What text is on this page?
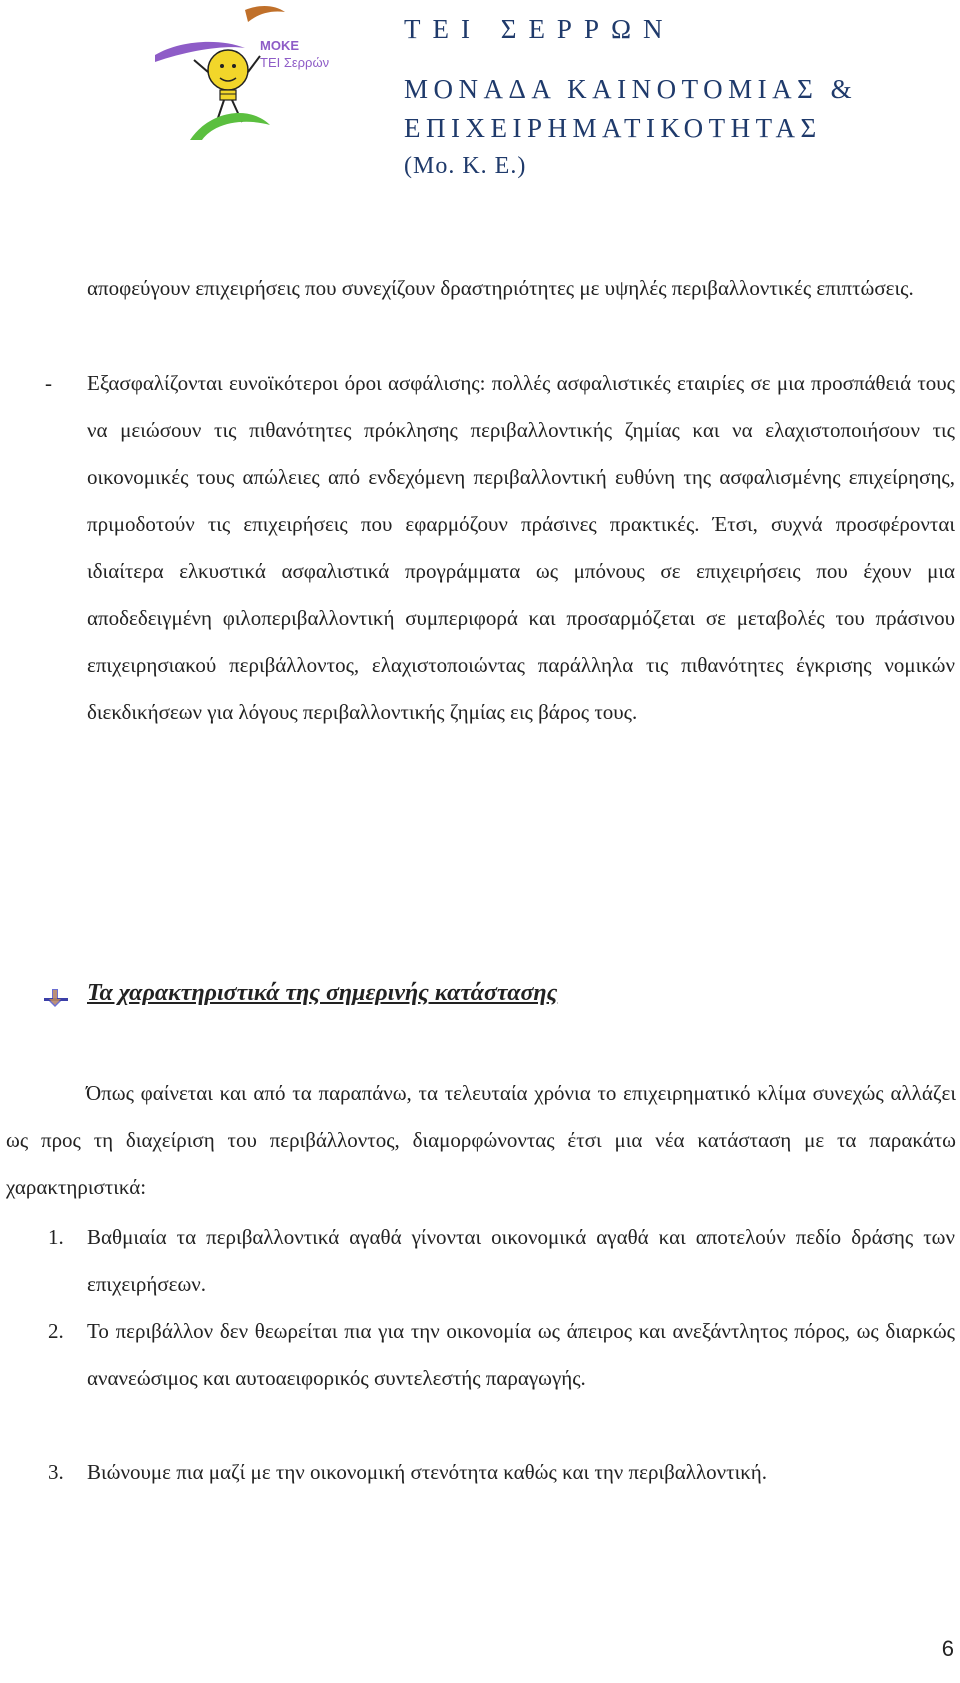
ΜΟΚΕ
ΤΕΙ Σερρών
ΤΕΙ ΣΕΡΡΩΝ
ΜΟΝΑΔΑ ΚΑΙΝΟΤΟΜΙΑΣ &
ΕΠΙΧΕΙΡΗΜΑΤΙΚΟΤΗΤΑΣ
(Μο. Κ. Ε.)

αποφεύγουν επιχειρήσεις που συνεχίζουν δραστηριότητες με υψηλές περιβαλλοντικές επιπτώσεις.

- Εξασφαλίζονται ευνοϊκότεροι όροι ασφάλισης: πολλές ασφαλιστικές εταιρίες σε μια προσπάθειά τους να μειώσουν τις πιθανότητες πρόκλησης περιβαλλοντικής ζημίας και να ελαχιστοποιήσουν τις οικονομικές τους απώλειες από ενδεχόμενη περιβαλλοντική ευθύνη της ασφαλισμένης επιχείρησης, πριμοδοτούν τις επιχειρήσεις που εφαρμόζουν πράσινες πρακτικές. Έτσι, συχνά προσφέρονται ιδιαίτερα ελκυστικά ασφαλιστικά προγράμματα ως μπόνους σε επιχειρήσεις που έχουν μια αποδεδειγμένη φιλοπεριβαλλοντική συμπεριφορά και προσαρμόζεται σε μεταβολές του πράσινου επιχειρησιακού περιβάλλοντος, ελαχιστοποιώντας παράλληλα τις πιθανότητες έγκρισης νομικών διεκδικήσεων για λόγους περιβαλλοντικής ζημίας εις βάρος τους.

Τα χαρακτηριστικά της σημερινής κατάστασης

Όπως φαίνεται και από τα παραπάνω, τα τελευταία χρόνια το επιχειρηματικό κλίμα συνεχώς αλλάζει ως προς τη διαχείριση του περιβάλλοντος, διαμορφώνοντας έτσι μια νέα κατάσταση με τα παρακάτω χαρακτηριστικά:

1. Βαθμιαία τα περιβαλλοντικά αγαθά γίνονται οικονομικά αγαθά και αποτελούν πεδίο δράσης των επιχειρήσεων.

2. Το περιβάλλον δεν θεωρείται πια για την οικονομία ως άπειρος και ανεξάντλητος πόρος, ως διαρκώς ανανεώσιμος και αυτοαειφορικός συντελεστής παραγωγής.

3. Βιώνουμε πια μαζί με την οικονομική στενότητα καθώς και την περιβαλλοντική.

6
